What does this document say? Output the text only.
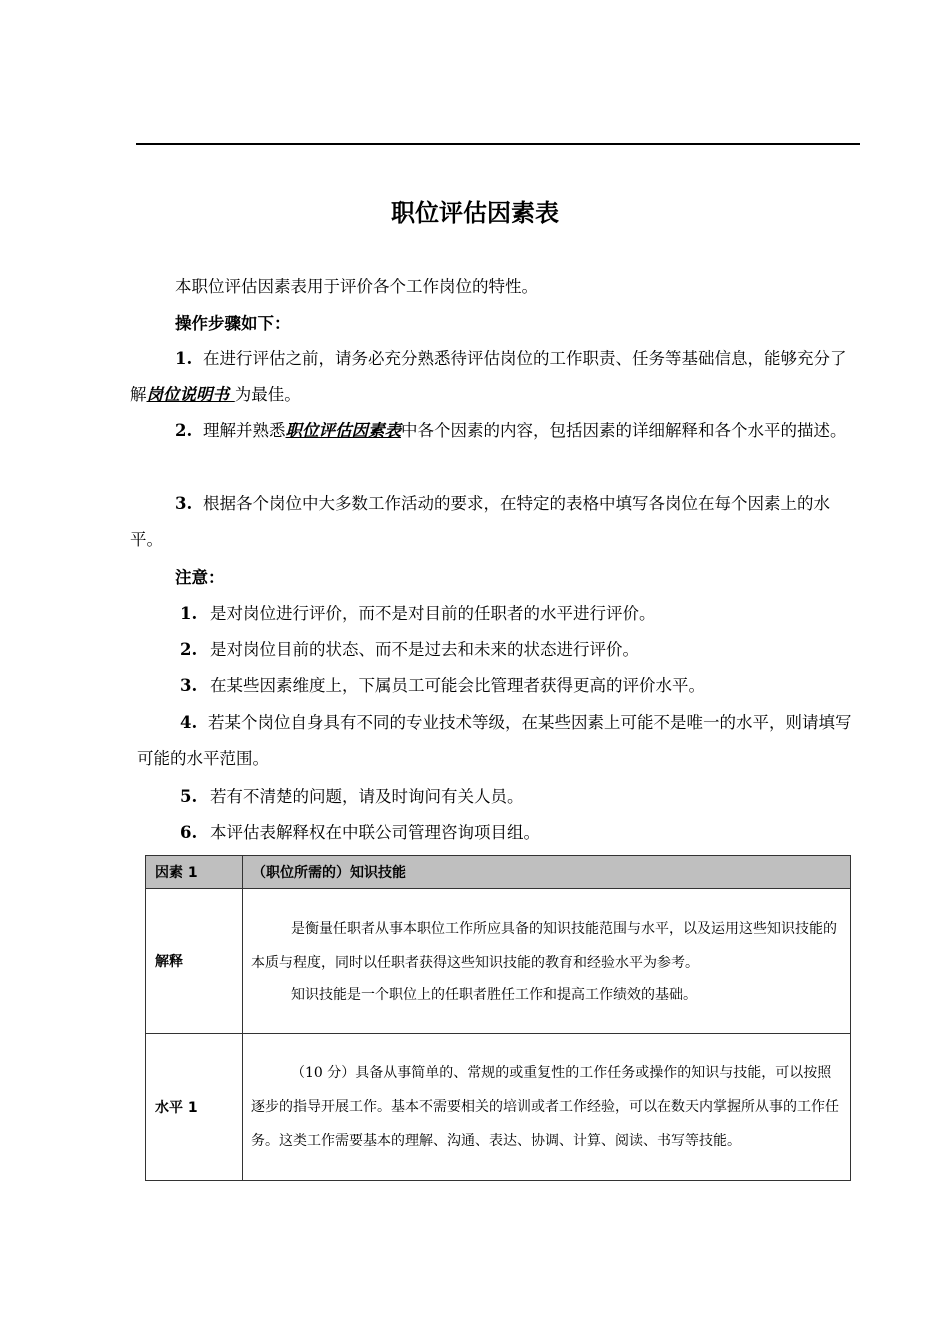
职位评估因素表

本职位评估因素表用于评价各个工作岗位的特性。

操作步骤如下：

1. 在进行评估之前，请务必充分熟悉待评估岗位的工作职责、任务等基础信息，能够充分了解岗位说明书 为最佳。

2. 理解并熟悉职位评估因素表中各个因素的内容，包括因素的详细解释和各个水平的描述。

3. 根据各个岗位中大多数工作活动的要求，在特定的表格中填写各岗位在每个因素上的水平。

注意：

1. 是对岗位进行评价，而不是对目前的任职者的水平进行评价。
2. 是对岗位目前的状态、而不是过去和未来的状态进行评价。
3. 在某些因素维度上，下属员工可能会比管理者获得更高的评价水平。

4. 若某个岗位自身具有不同的专业技术等级，在某些因素上可能不是唯一的水平，则请填写可能的水平范围。

5. 若有不清楚的问题，请及时询问有关人员。
6. 本评估表解释权在中联公司管理咨询项目组。
因素 1	（职位所需的）知识技能
解释	是衡量任职者从事本职位工作所应具备的知识技能范围与水平，以及运用这些知识技能的本质与程度，同时以任职者获得这些知识技能的教育和经验水平为参考。

知识技能是一个职位上的任职者胜任工作和提高工作绩效的基础。

水平 1	（10 分）具备从事简单的、常规的或重复性的工作任务或操作的知识与技能，可以按照逐步的指导开展工作。基本不需要相关的培训或者工作经验，可以在数天内掌握所从事的工作任务。这类工作需要基本的理解、沟通、表达、协调、计算、阅读、书写等技能。
